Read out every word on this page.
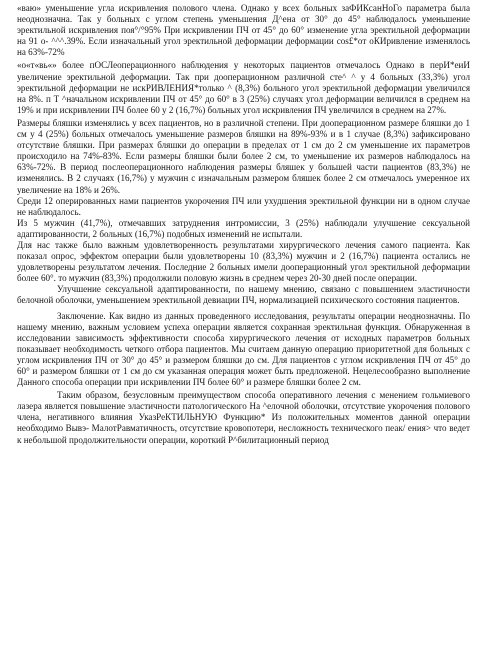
«ваю» уменьшение угла искривления полового члена. Однако у всех больных заФИКсанНоГо параметра была неоднозначна. Так у больных с углом степень уменьшения Д^ена от 30° до 45° наблюдалось уменьшение эректильной искривления поя°/°95% При искривлении ПЧ от 45° до 60° изменение угла эректильной деформации на 91 о- ^^^.39%. Если изначальный угол эректильной деформации деформации cos£*от оКИривление изменялось на 63%-72%

«о«т«вь«» более пОСЛеоперационного наблюдения у некоторых пациентов отмечалось Однако в перИ*еиИ увеличение эректильной деформации. Так при дооперационном различной сте^ ^ у 4 больных (33,3%) угол эректильной деформации не искРИВЛЕНИЯ*только ^ (8,3%) больного угол эректильной деформации увеличился на 8%. п Т ^начальном искривлении ПЧ от 45° до 60° в 3 (25%) случаях угол деформации величился в среднем на 19% и при искривлении ПЧ более 60 у 2 (16,7%) больных угол искривления ПЧ увеличился в среднем на 27%.

Размеры бляшки изменялись у всех пациентов, но в различной степени. При дооперационном размере бляшки до 1 см у 4 (25%) больных отмечалось уменьшение размеров бляшки на 89%-93% и в 1 случае (8,3%) зафиксировано отсутствие бляшки. При размерах бляшки до операции в пределах от 1 см до 2 см уменьшение их параметров происходило на 74%-83%. Если размеры бляшки были более 2 см, то уменьшение их размеров наблюдалось на 63%-72%. В период послеоперационного наблюдения размеры бляшек у большей части пациентов (83,3%) не изменялись. В 2 случаях (16,7%) у мужчин с изначальным размером бляшек более 2 см отмечалось умеренное их увеличение на 18% и 26%.

Среди 12 оперированных нами пациентов укорочения ПЧ или ухудшения эректильной функции ни в одном случае не наблюдалось.

Из 5 мужчин (41,7%), отмечавших затруднения интромиссии, 3 (25%) наблюдали улучшение сексуальной адаптированности, 2 больных (16,7%) подобных изменений не испытали.

Для нас также было важным удовлетворенность результатами хирургического лечения самого пациента. Как показал опрос, эффектом операции были удовлетворены 10 (83,3%) мужчин и 2 (16,7%) пациента остались не удовлетворены результатом лечения. Последние 2 больных имели дооперационный угол эректильной деформации более 60°. то мужчин (83,3%) продолжили половую жизнь в среднем через 20-30 дней после операции.

Улучшение сексуальной адаптированности, по нашему мнению, связано с повышением эластичности белочной оболочки, уменьшением эректильной девиации ПЧ, нормализацией психического состояния пациентов.

Заключение. Как видно из данных проведенного исследования, результаты операции неоднозначны. По нашему мнению, важным условием успеха операции является сохранная эректильная функция. Обнаруженная в исследовании зависимость эффективности способа хирургического лечения от исходных параметров больных показывает необходимость четкого отбора пациентов. Мы считаем данную операцию приоритетной для больных с углом искривления ПЧ от 30° до 45° и размером бляшки до см. Для пациентов с углом искривления ПЧ от 45° до 60° и размером бляшки от 1 см до см указанная операция может быть предложеной. Нецелесообразно выполнение Данного способа операции при искривлении ПЧ более 60° и размере бляшки более 2 см.

Таким образом, безусловным преимуществом способа оперативного лечения с менением гольмиевого лазера является повышение эластичности патологического На ^елочной оболочки, отсутствие укорочения полового члена, негативного влияния УказРеКТИЛЬНУЮ Функцию* Из положительных моментов данной операции необходимо Вывэ- МалотРавматичность, отсутствие кровопотери, несложность технического пеак/ ения> что ведет к небольшой продолжительности операции, короткий Р^билитационный период
